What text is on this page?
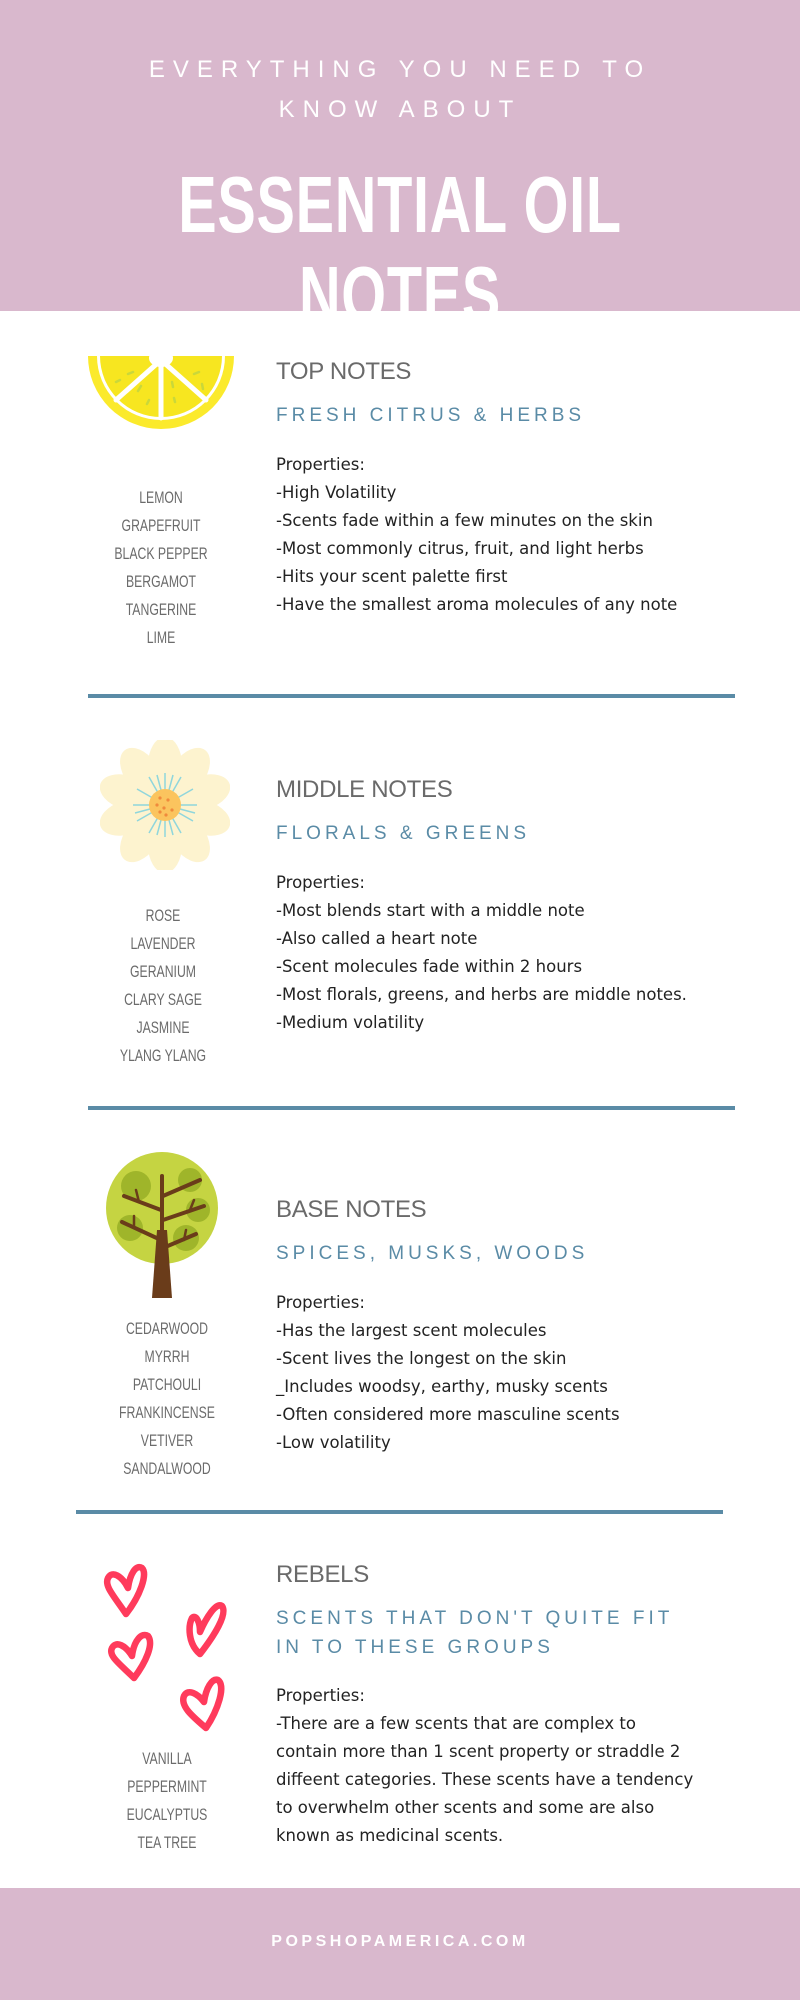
EVERYTHING YOU NEED TO
KNOW ABOUT
ESSENTIAL OIL NOTES
LEMON
GRAPEFRUIT
BLACK PEPPER
BERGAMOT
TANGERINE
LIME
TOP NOTES
FRESH CITRUS & HERBS
Properties:
-High Volatility
-Scents fade within a few minutes on the skin
-Most commonly citrus, fruit, and light herbs
-Hits your scent palette first
-Have the smallest aroma molecules of any note
ROSE
LAVENDER
GERANIUM
CLARY SAGE
JASMINE
YLANG YLANG
MIDDLE NOTES
FLORALS & GREENS
Properties:
-Most blends start with a middle note
-Also called a heart note
-Scent molecules fade within 2 hours
-Most florals, greens, and herbs are middle notes.
-Medium volatility
CEDARWOOD
MYRRH
PATCHOULI
FRANKINCENSE
VETIVER
SANDALWOOD
BASE NOTES
SPICES, MUSKS, WOODS
Properties:
-Has the largest scent molecules
-Scent lives the longest on the skin
_Includes woodsy, earthy, musky scents
-Often considered more masculine scents
-Low volatility
VANILLA
PEPPERMINT
EUCALYPTUS
TEA TREE
REBELS
SCENTS THAT DON'T QUITE FIT
IN TO THESE GROUPS
Properties:
-There are a few scents that are complex to
contain more than 1 scent property or straddle 2
diffeent categories. These scents have a tendency
to overwhelm other scents and some are also
known as medicinal scents.
POPSHOPAMERICA.COM
